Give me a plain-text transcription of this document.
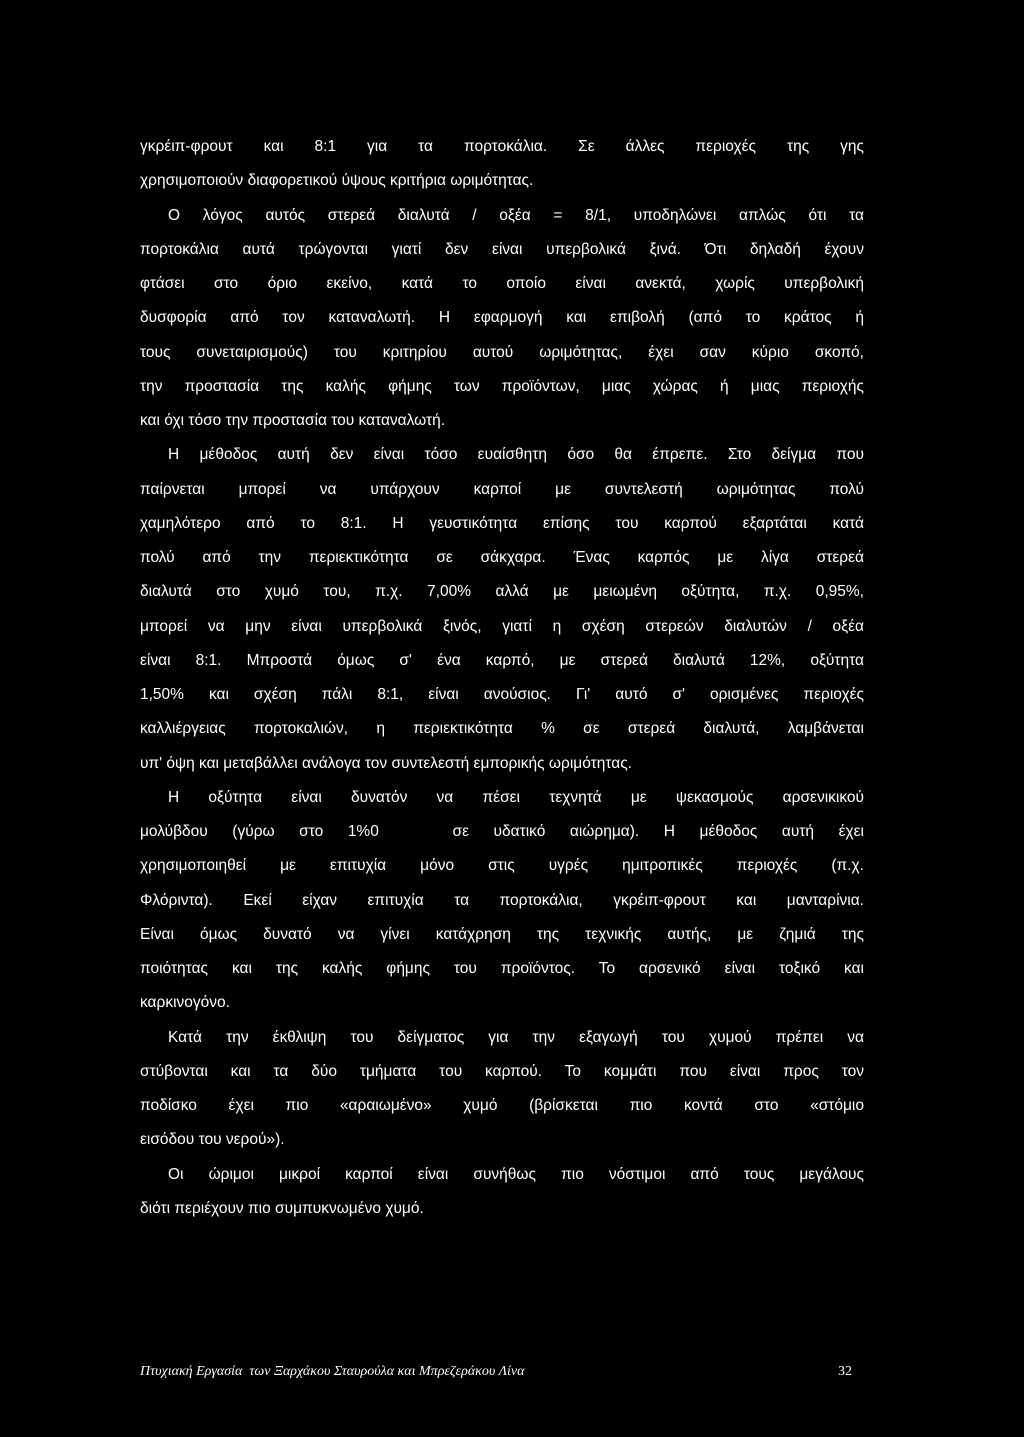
γκρέιπ-φρουτ και 8:1 για τα πορτοκάλια. Σε άλλες περιοχές της γης
χρησιμοποιούν διαφορετικού ύψους κριτήρια ωριμότητας.
Ο λόγος αυτός στερεά διαλυτά / οξέα = 8/1, υποδηλώνει απλώς ότι τα
πορτοκάλια αυτά τρώγονται γιατί δεν είναι υπερβολικά ξινά. Ότι δηλαδή έχουν
φτάσει στο όριο εκείνο, κατά το οποίο είναι ανεκτά, χωρίς υπερβολική
δυσφορία από τον καταναλωτή. Η εφαρμογή και επιβολή (από το κράτος ή
τους συνεταιρισμούς) του κριτηρίου αυτού ωριμότητας, έχει σαν κύριο σκοπό,
την προστασία της καλής φήμης των προϊόντων, μιας χώρας ή μιας περιοχής
και όχι τόσο την προστασία του καταναλωτή.
Η μέθοδος αυτή δεν είναι τόσο ευαίσθητη όσο θα έπρεπε. Στο δείγμα που
παίρνεται μπορεί να υπάρχουν καρποί με συντελεστή ωριμότητας πολύ
χαμηλότερο από το 8:1. Η γευστικότητα επίσης του καρπού εξαρτάται κατά
πολύ από την περιεκτικότητα σε σάκχαρα. Ένας καρπός με λίγα στερεά
διαλυτά στο χυμό του, π.χ. 7,00% αλλά με μειωμένη οξύτητα, π.χ. 0,95%,
μπορεί να μην είναι υπερβολικά ξινός, γιατί η σχέση στερεών διαλυτών / οξέα
είναι 8:1. Μπροστά όμως σ' ένα καρπό, με στερεά διαλυτά 12%, οξύτητα
1,50% και σχέση πάλι 8:1, είναι ανούσιος. Γι' αυτό σ' ορισμένες περιοχές
καλλιέργειας πορτοκαλιών, η περιεκτικότητα % σε στερεά διαλυτά, λαμβάνεται
υπ' όψη και μεταβάλλει ανάλογα τον συντελεστή εμπορικής ωριμότητας.
Η οξύτητα είναι δυνατόν να πέσει τεχνητά με ψεκασμούς αρσενικικού
μολύβδου (γύρω στο 1%0   σε υδατικό αιώρημα). Η μέθοδος αυτή έχει
χρησιμοποιηθεί με επιτυχία μόνο στις υγρές ημιτροπικές περιοχές (π.χ.
Φλόριντα). Εκεί είχαν επιτυχία τα πορτοκάλια, γκρέιπ-φρουτ και μανταρίνια.
Είναι όμως δυνατό να γίνει κατάχρηση της τεχνικής αυτής, με ζημιά της
ποιότητας και της καλής φήμης του προϊόντος. Το αρσενικό είναι τοξικό και
καρκινογόνο.
Κατά την έκθλιψη του δείγματος για την εξαγωγή του χυμού πρέπει να
στύβονται και τα δύο τμήματα του καρπού. Το κομμάτι που είναι προς τον
ποδίσκο έχει πιο «αραιωμένο» χυμό (βρίσκεται πιο κοντά στο «στόμιο
εισόδου του νερού»).
Οι ώριμοι μικροί καρποί είναι συνήθως πιο νόστιμοι από τους μεγάλους
διότι περιέχουν πιο συμπυκνωμένο χυμό.
Πτυχιακή Εργασία  των Ξαρχάκου Σταυρούλα και Μπρεζεράκου Λίνα	32
